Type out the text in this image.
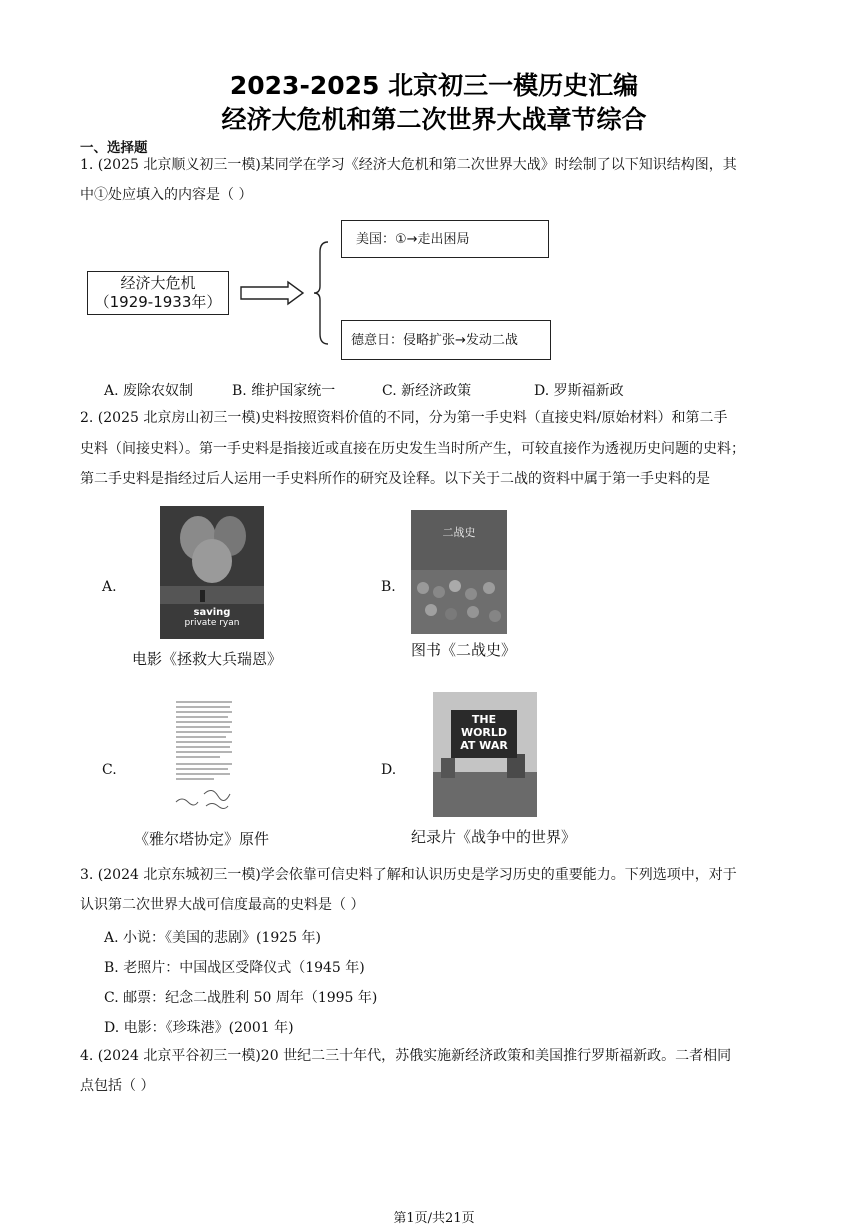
2023-2025 北京初三一模历史汇编
经济大危机和第二次世界大战章节综合
一、选择题
1. (2025 北京顺义初三一模)某同学在学习《经济大危机和第二次世界大战》时绘制了以下知识结构图，其
中①处应填入的内容是（ ）
经济大危机
（1929-1933年）
美国：①→走出困局
德意日：侵略扩张→发动二战
A. 废除农奴制	B. 维护国家统一	C. 新经济政策	D. 罗斯福新政
2. (2025 北京房山初三一模)史料按照资料价值的不同，分为第一手史料（直接史料/原始材料）和第二手
史料（间接史料）。第一手史料是指接近或直接在历史发生当时所产生，可较直接作为透视历史问题的史料；
第二手史料是指经过后人运用一手史料所作的研究及诠释。以下关于二战的资料中属于第一手史料的是
A.
saving
private ryan
电影《拯救大兵瑞恩》
B.
二战史
图书《二战史》
C.
《雅尔塔协定》原件
D.
THE WORLD AT WAR
纪录片《战争中的世界》
3. (2024 北京东城初三一模)学会依靠可信史料了解和认识历史是学习历史的重要能力。下列选项中，对于
认识第二次世界大战可信度最高的史料是（ ）
A. 小说：《美国的悲剧》(1925 年)
B. 老照片：中国战区受降仪式（1945 年)
C. 邮票：纪念二战胜利 50 周年（1995 年)
D. 电影：《珍珠港》(2001 年)
4. (2024 北京平谷初三一模)20 世纪二三十年代，苏俄实施新经济政策和美国推行罗斯福新政。二者相同
点包括（ ）
第1页/共21页
